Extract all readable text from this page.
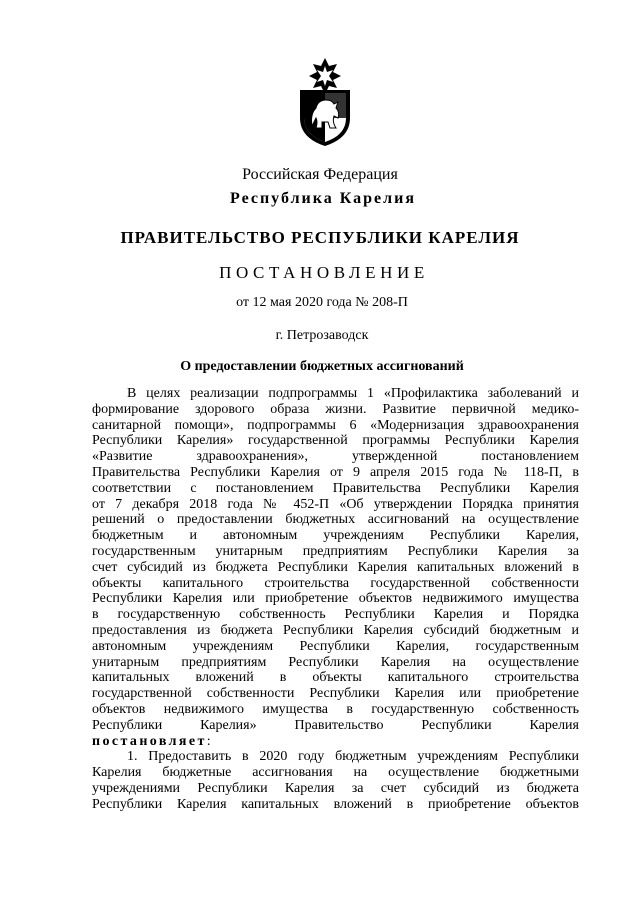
Российская Федерация
Республика Карелия
ПРАВИТЕЛЬСТВО РЕСПУБЛИКИ КАРЕЛИЯ
ПОСТАНОВЛЕНИЕ
от 12 мая 2020 года № 208-П
г. Петрозаводск
О предоставлении бюджетных ассигнований
В целях реализации подпрограммы 1 «Профилактика заболеваний и
формирование здорового образа жизни. Развитие первичной медико-
санитарной помощи», подпрограммы 6 «Модернизация здравоохранения
Республики Карелия» государственной программы Республики Карелия
«Развитие здравоохранения», утвержденной постановлением
Правительства Республики Карелия от 9 апреля 2015 года № 118-П, в
соответствии с постановлением Правительства Республики Карелия
от 7 декабря 2018 года № 452-П «Об утверждении Порядка принятия
решений о предоставлении бюджетных ассигнований на осуществление
бюджетным и автономным учреждениям Республики Карелия,
государственным унитарным предприятиям Республики Карелия за
счет субсидий из бюджета Республики Карелия капитальных вложений в
объекты капитального строительства государственной собственности
Республики Карелия или приобретение объектов недвижимого имущества
в государственную собственность Республики Карелия и Порядка
предоставления из бюджета Республики Карелия субсидий бюджетным и
автономным учреждениям Республики Карелия, государственным
унитарным предприятиям Республики Карелия на осуществление
капитальных вложений в объекты капитального строительства
государственной собственности Республики Карелия или приобретение
объектов недвижимого имущества в государственную собственность
Республики Карелия» Правительство Республики Карелия
постановляет:
1. Предоставить в 2020 году бюджетным учреждениям Республики
Карелия бюджетные ассигнования на осуществление бюджетными
учреждениями Республики Карелия за счет субсидий из бюджета
Республики Карелия капитальных вложений в приобретение объектов
